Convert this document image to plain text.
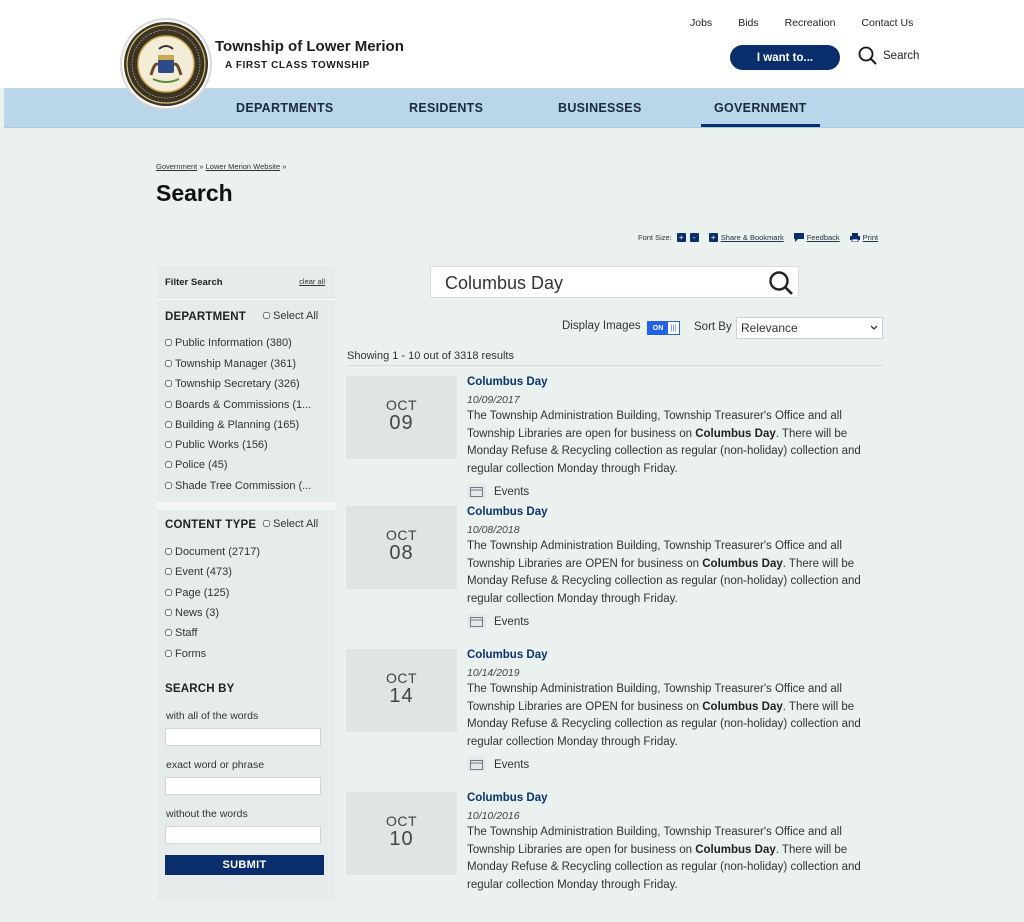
Township of Lower Merion
A FIRST CLASS TOWNSHIP
Jobs Bids Recreation Contact Us
I want to...	Search
DEPARTMENTS	RESIDENTS	BUSINESSES	GOVERNMENT
Government » Lower Merion Website »
Search
Font Size: +	-	+ Share & Bookmark	Feedback	Print
Filter Search	clear all
DEPARTMENT Select All
Public Information (380)
Township Manager (361)
Township Secretary (326)
Boards & Commissions (1...
Building & Planning (165)
Public Works (156)
Police (45)
Shade Tree Commission (...
CONTENT TYPE Select All
Document (2717)
Event (473)
Page (125)
News (3)
Staff
Forms
SEARCH BY
with all of the words
exact word or phrase
without the words
SUBMIT
Columbus Day
Display Images	ON	||| Sort By Relevance
Showing 1 - 10 out of 3318 results
OCT
09
Columbus Day
10/09/2017
The Township Administration Building, Township Treasurer's Office and all Township Libraries are open for business on Columbus Day. There will be Monday Refuse & Recycling collection as regular (non-holiday) collection and regular collection Monday through Friday.
Events
OCT
08
Columbus Day
10/08/2018
The Township Administration Building, Township Treasurer's Office and all Township Libraries are OPEN for business on Columbus Day. There will be Monday Refuse & Recycling collection as regular (non-holiday) collection and regular collection Monday through Friday.
Events
OCT
14
Columbus Day
10/14/2019
The Township Administration Building, Township Treasurer's Office and all Township Libraries are OPEN for business on Columbus Day. There will be Monday Refuse & Recycling collection as regular (non-holiday) collection and regular collection Monday through Friday.
Events
OCT
10
Columbus Day
10/10/2016
The Township Administration Building, Township Treasurer's Office and all Township Libraries are open for business on Columbus Day. There will be Monday Refuse & Recycling collection as regular (non-holiday) collection and regular collection Monday through Friday.
